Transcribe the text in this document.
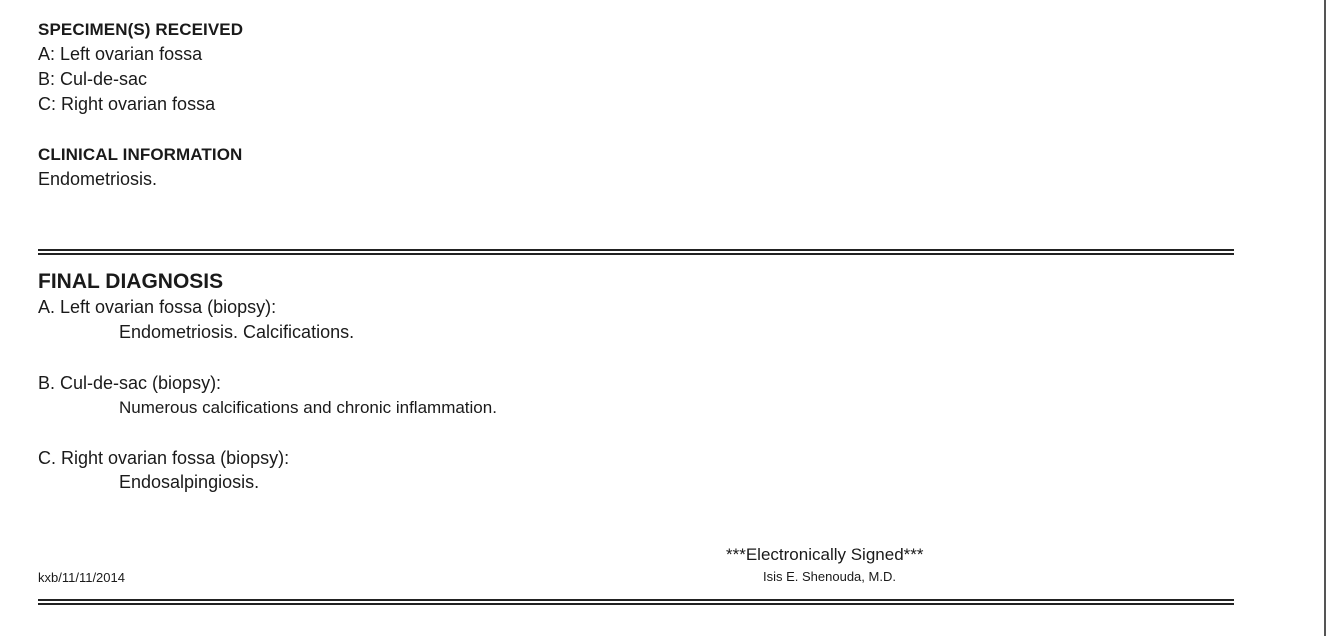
SPECIMEN(S) RECEIVED
A: Left ovarian fossa
B: Cul-de-sac
C: Right ovarian fossa
CLINICAL INFORMATION
Endometriosis.
FINAL DIAGNOSIS
A. Left ovarian fossa (biopsy):
Endometriosis. Calcifications.
B. Cul-de-sac (biopsy):
Numerous calcifications and chronic inflammation.
C. Right ovarian fossa (biopsy):
Endosalpingiosis.
kxb/11/11/2014
***Electronically Signed***
Isis E. Shenouda, M.D.
